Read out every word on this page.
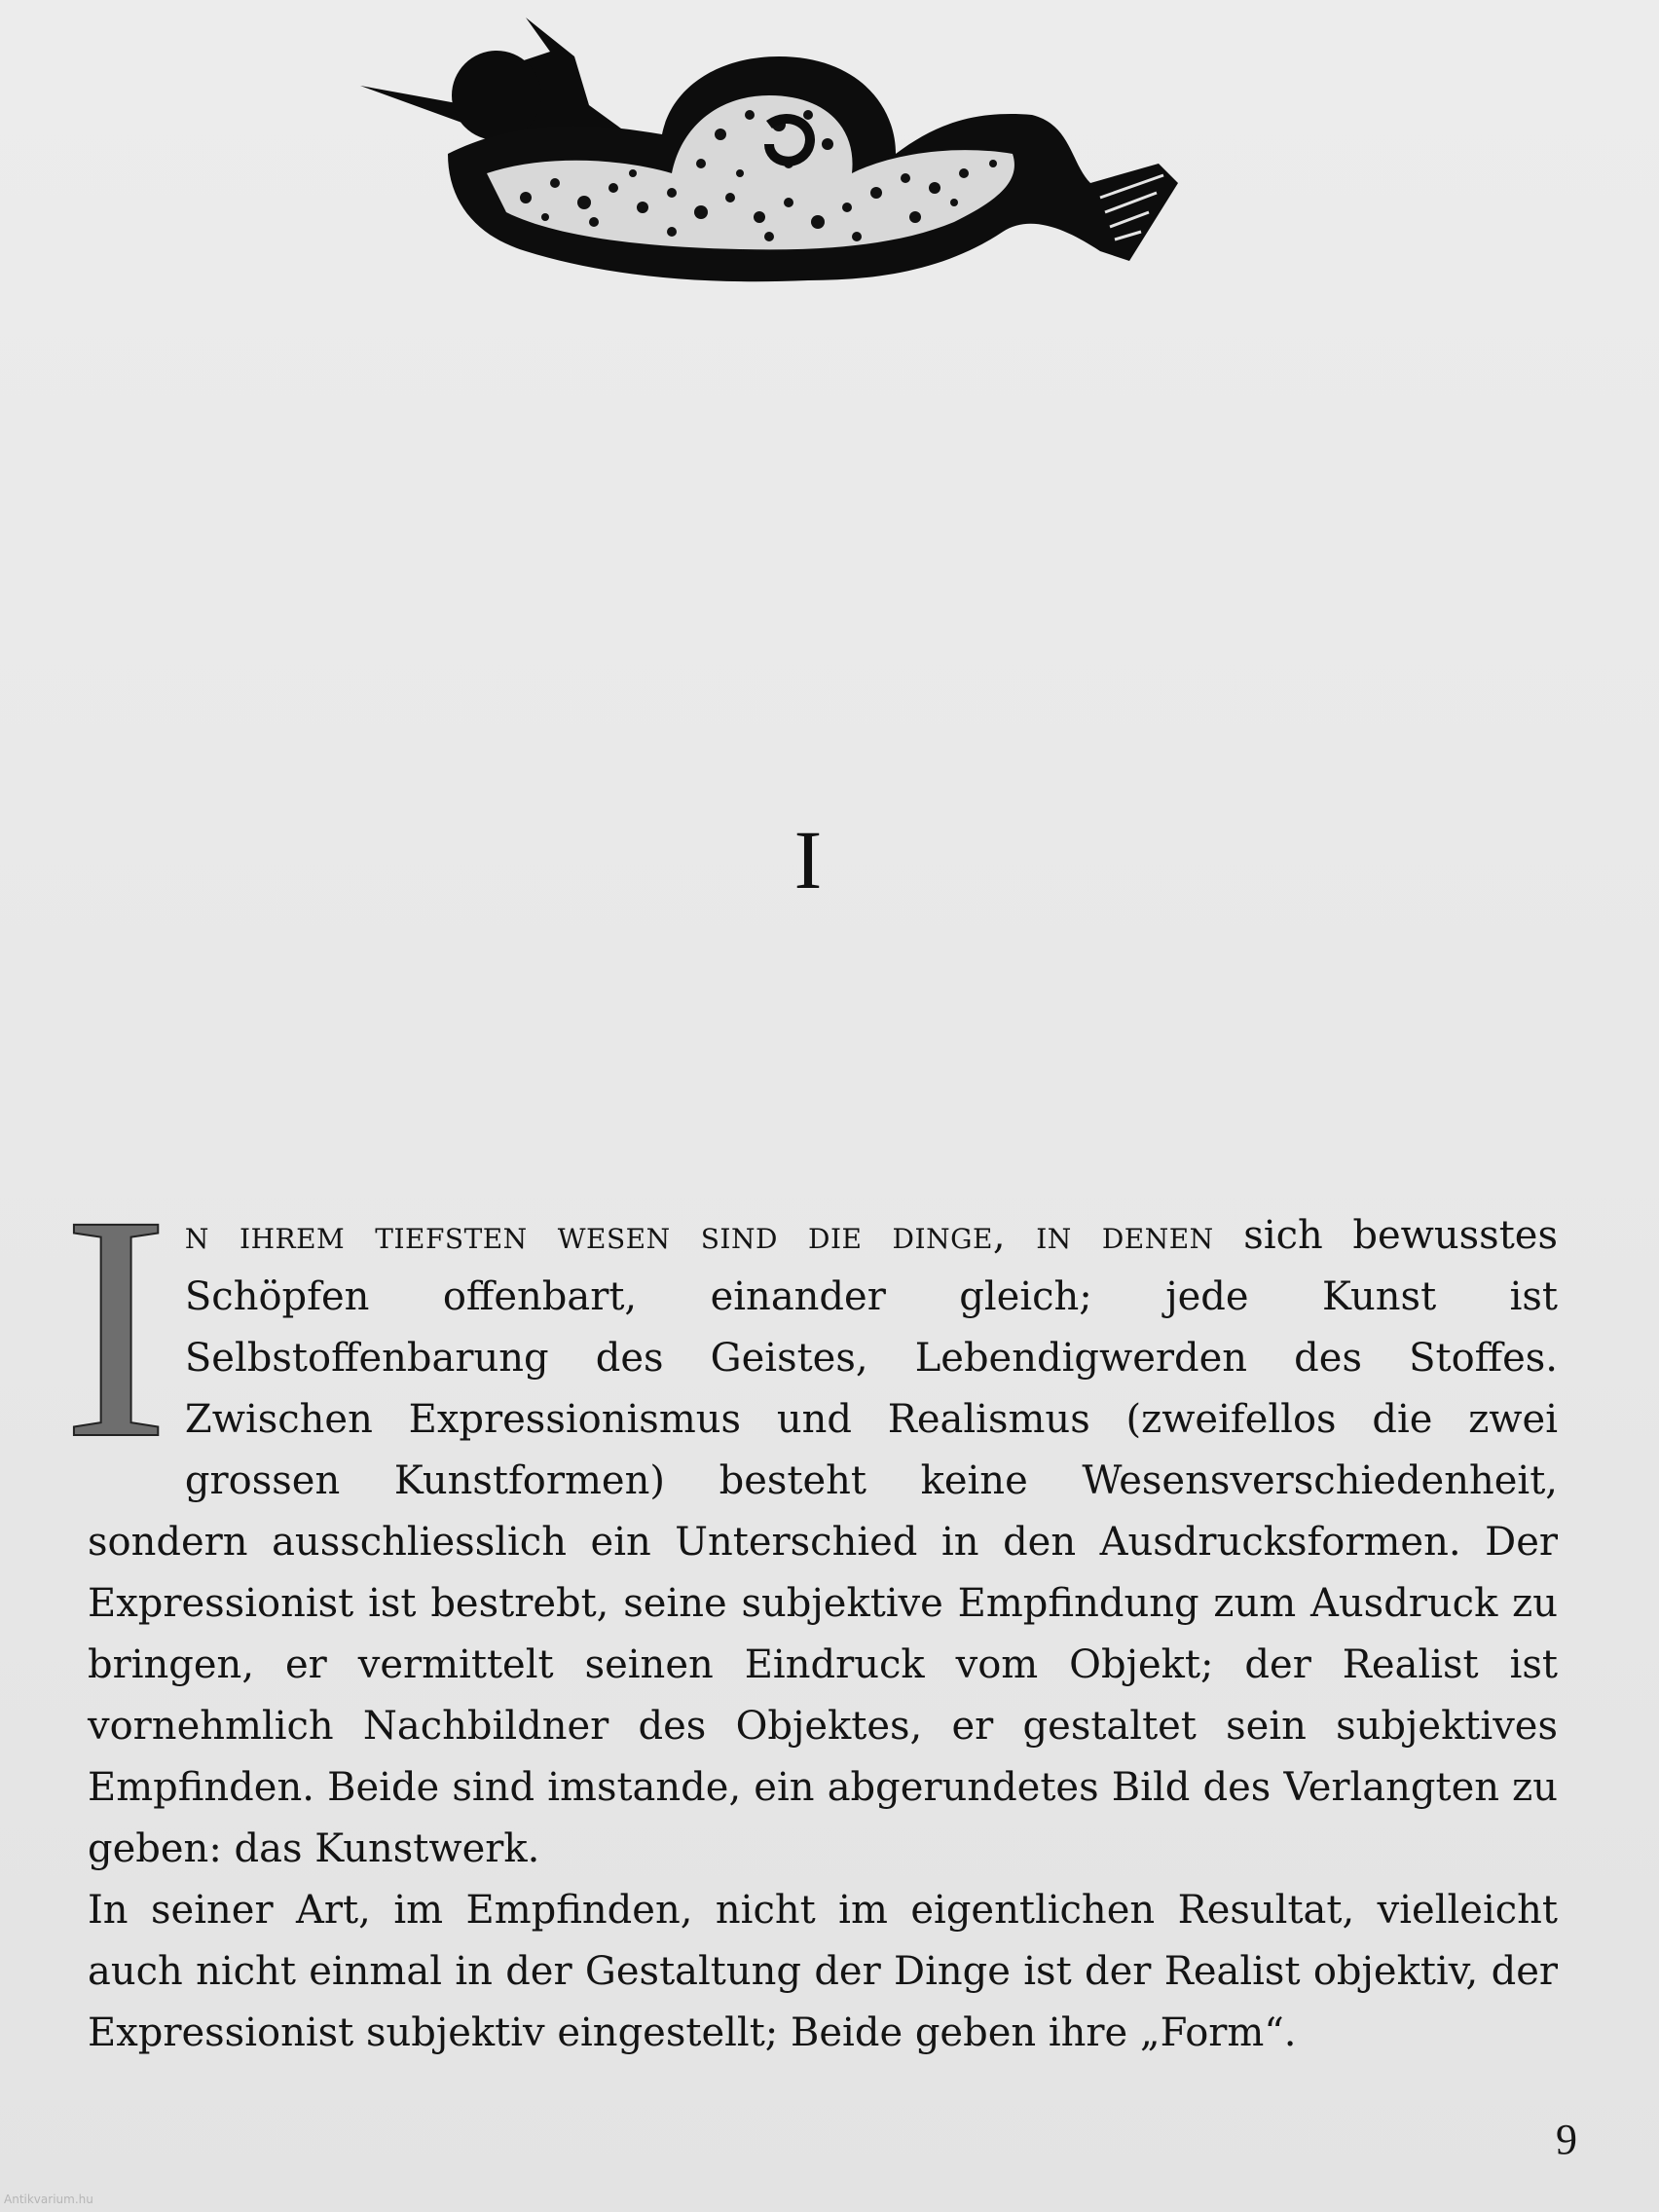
I

In ihrem tiefsten wesen sind die dinge, in denen sich bewusstes Schöpfen offenbart, einander gleich; jede Kunst ist Selbstoffenbarung des Geistes, Lebendigwerden des Stoffes. Zwischen Expressionismus und Realismus (zweifellos die zwei grossen Kunstformen) besteht keine Wesensverschiedenheit, sondern ausschliesslich ein Unterschied in den Ausdrucksformen. Der Expressionist ist bestrebt, seine subjektive Empfindung zum Ausdruck zu bringen, er vermittelt seinen Eindruck vom Objekt; der Realist ist vornehmlich Nachbildner des Objektes, er gestaltet sein subjektives Empfinden. Beide sind imstande, ein abgerundetes Bild des Verlangten zu geben: das Kunstwerk.

In seiner Art, im Empfinden, nicht im eigentlichen Resultat, vielleicht auch nicht einmal in der Gestaltung der Dinge ist der Realist objektiv, der Expressionist subjektiv eingestellt; Beide geben ihre „Form“.

9
Antikvarium.hu
